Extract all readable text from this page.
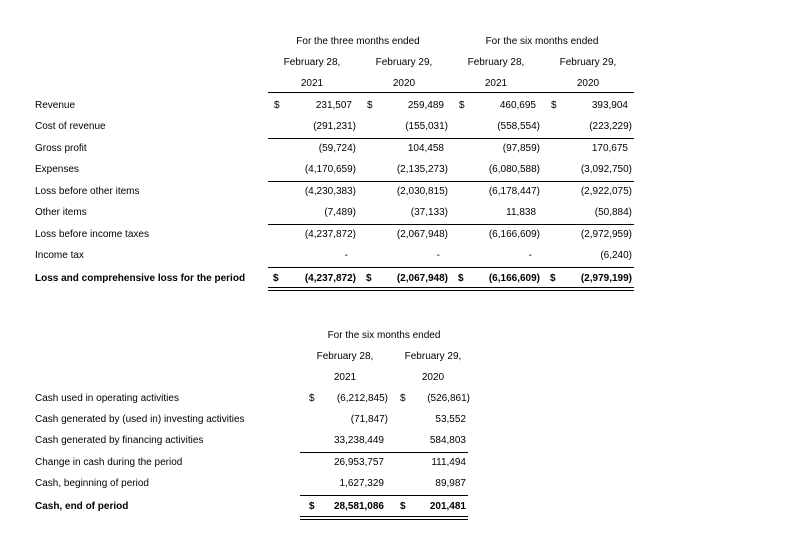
For the three months ended	For the six months ended
February 28,	February 29,	February 28,	February 29,
2021	2020	2021	2020
Revenue	$	231,507 $	259,489 $	460,695 $	393,904
Cost of revenue	(291,231)	(155,031)	(558,554)	(223,229)
Gross profit	(59,724)	104,458	(97,859)	170,675
Expenses	(4,170,659)	(2,135,273)	(6,080,588)	(3,092,750)
Loss before other items	(4,230,383)	(2,030,815)	(6,178,447)	(2,922,075)
Other items	(7,489)	(37,133)	11,838	(50,884)
Loss before income taxes	(4,237,872)	(2,067,948)	(6,166,609)	(2,972,959)
Income tax	-	-	-	(6,240)
Loss and comprehensive loss for the period	$	(4,237,872) $	(2,067,948) $	(6,166,609) $	(2,979,199)
For the six months ended
February 28,	February 29,
2021	2020
Cash used in operating activities	$	(6,212,845) $	(526,861)
Cash generated by (used in) investing activities	(71,847)	53,552
Cash generated by financing activities	33,238,449	584,803
Change in cash during the period	26,953,757	111,494
Cash, beginning of period	1,627,329	89,987
Cash, end of period	$	28,581,086 $	201,481
